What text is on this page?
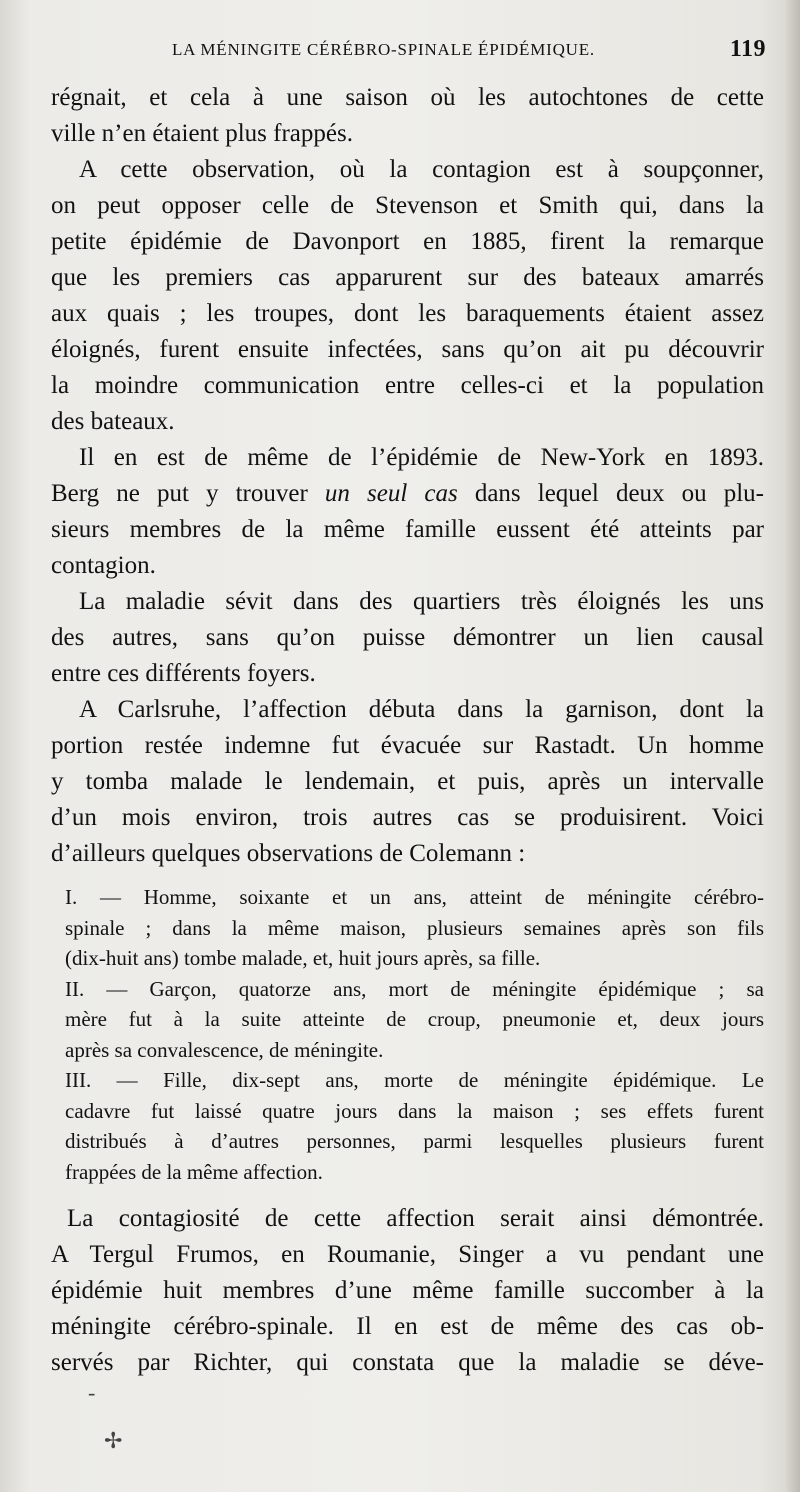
LA MÉNINGITE CÉRÉBRO-SPINALE ÉPIDÉMIQUE.	119
régnait, et cela à une saison où les autochtones de cette
ville n’en étaient plus frappés.
A cette observation, où la contagion est à soupçonner,
on peut opposer celle de Stevenson et Smith qui, dans la
petite épidémie de Davonport en 1885, firent la remarque
que les premiers cas apparurent sur des bateaux amarrés
aux quais ; les troupes, dont les baraquements étaient assez
éloignés, furent ensuite infectées, sans qu’on ait pu découvrir
la moindre communication entre celles-ci et la population
des bateaux.
Il en est de même de l’épidémie de New-York en 1893.
Berg ne put y trouver un seul cas dans lequel deux ou plu-
sieurs membres de la même famille eussent été atteints par
contagion.
La maladie sévit dans des quartiers très éloignés les uns
des autres, sans qu’on puisse démontrer un lien causal
entre ces différents foyers.
A Carlsruhe, l’affection débuta dans la garnison, dont la
portion restée indemne fut évacuée sur Rastadt. Un homme
y tomba malade le lendemain, et puis, après un intervalle
d’un mois environ, trois autres cas se produisirent. Voici
d’ailleurs quelques observations de Colemann :
I. — Homme, soixante et un ans, atteint de méningite cérébro-
spinale ; dans la même maison, plusieurs semaines après son fils
(dix-huit ans) tombe malade, et, huit jours après, sa fille.
II. — Garçon, quatorze ans, mort de méningite épidémique ; sa
mère fut à la suite atteinte de croup, pneumonie et, deux jours
après sa convalescence, de méningite.
III. — Fille, dix-sept ans, morte de méningite épidémique. Le
cadavre fut laissé quatre jours dans la maison ; ses effets furent
distribués à d’autres personnes, parmi lesquelles plusieurs furent
frappées de la même affection.
La contagiosité de cette affection serait ainsi démontrée.
A Tergul Frumos, en Roumanie, Singer a vu pendant une
épidémie huit membres d’une même famille succomber à la
méningite cérébro-spinale. Il en est de même des cas ob-
servés par Richter, qui constata que la maladie se déve-
-
✢
